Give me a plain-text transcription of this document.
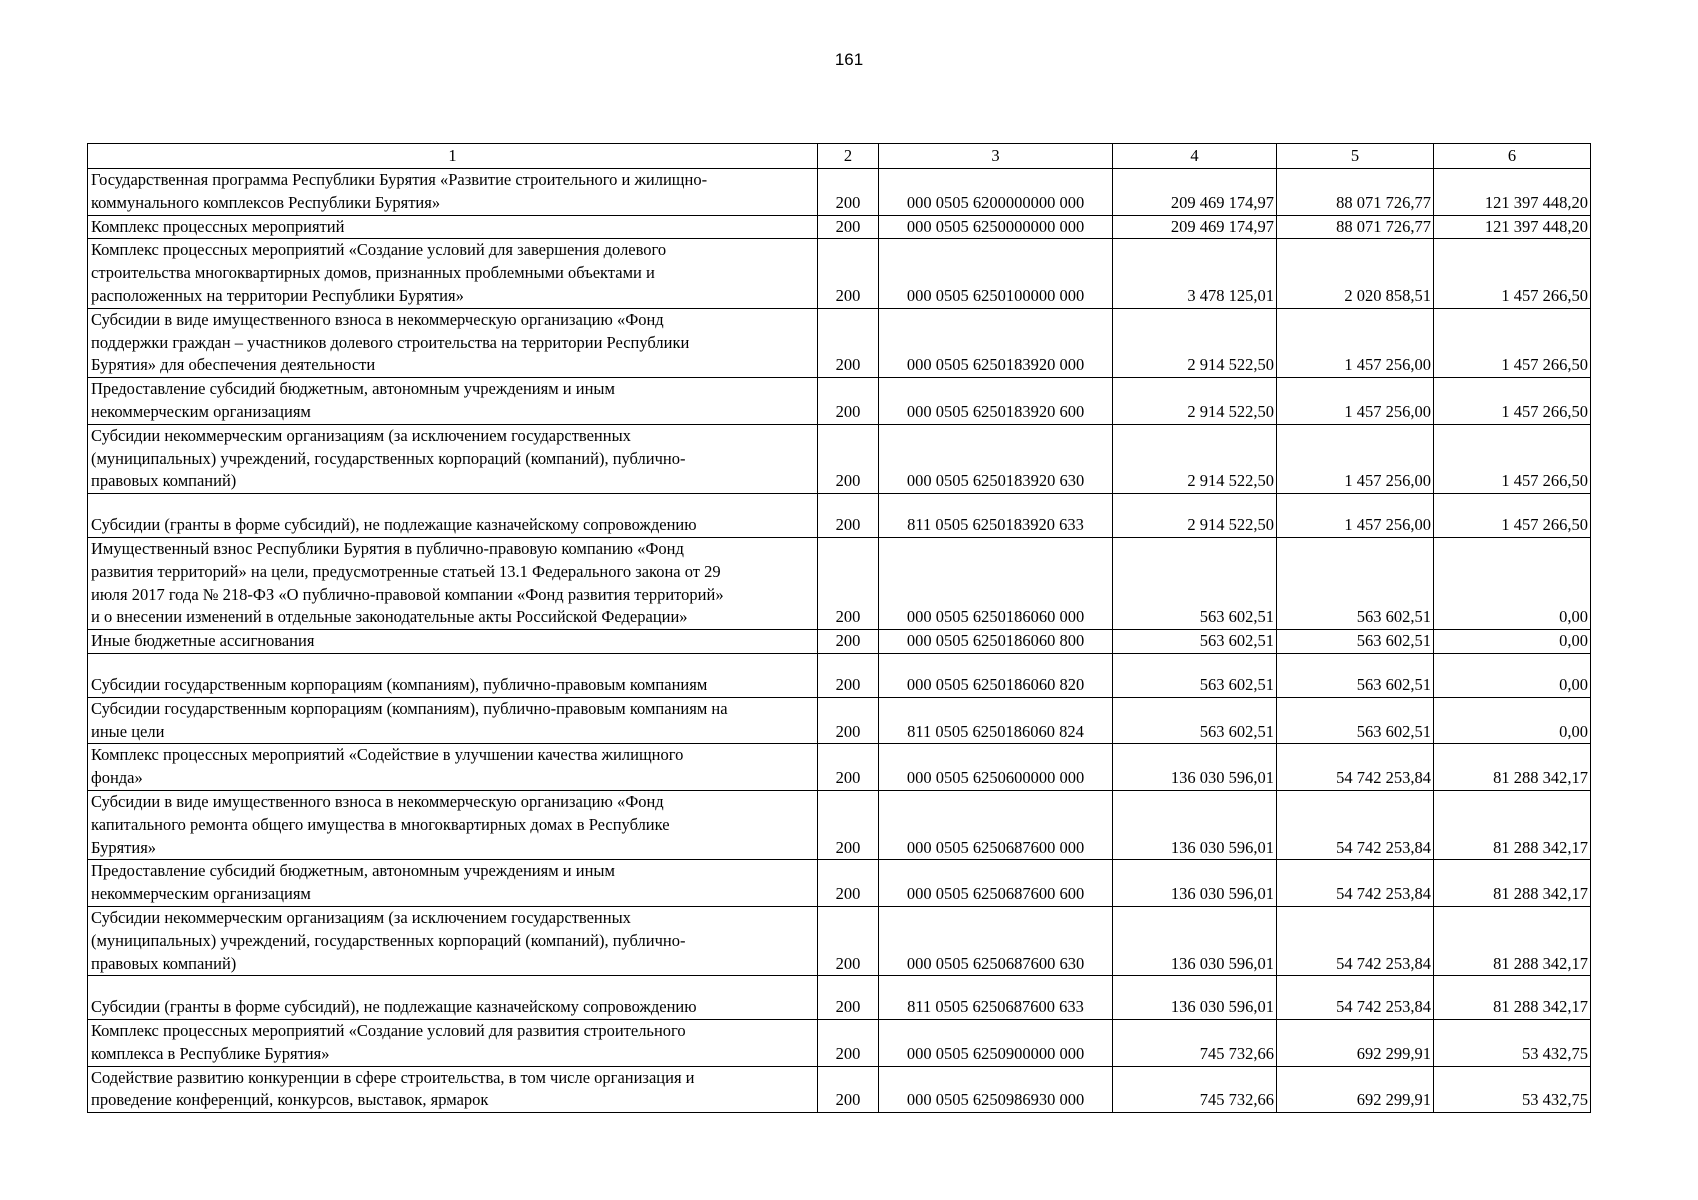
161
1	2	3	4	5	6

Государственная программа Республики Бурятия «Развитие строительного и жилищно-
коммунального комплексов Республики Бурятия»	200	000 0505 6200000000 000	209 469 174,97	88 071 726,77	121 397 448,20

Комплекс процессных мероприятий	200	000 0505 6250000000 000	209 469 174,97	88 071 726,77	121 397 448,20

Комплекс процессных мероприятий «Создание условий для завершения долевого
строительства многоквартирных домов, признанных проблемными объектами и
расположенных на территории Республики Бурятия»	200	000 0505 6250100000 000	3 478 125,01	2 020 858,51	1 457 266,50

Субсидии в виде имущественного взноса в некоммерческую организацию «Фонд
поддержки граждан – участников долевого строительства на территории Республики
Бурятия» для обеспечения деятельности	200	000 0505 6250183920 000	2 914 522,50	1 457 256,00	1 457 266,50

Предоставление субсидий бюджетным, автономным учреждениям и иным
некоммерческим организациям	200	000 0505 6250183920 600	2 914 522,50	1 457 256,00	1 457 266,50

Субсидии некоммерческим организациям (за исключением государственных
(муниципальных) учреждений, государственных корпораций (компаний), публично-
правовых компаний)	200	000 0505 6250183920 630	2 914 522,50	1 457 256,00	1 457 266,50

Субсидии (гранты в форме субсидий), не подлежащие казначейскому сопровождению	200	811 0505 6250183920 633	2 914 522,50	1 457 256,00	1 457 266,50

Имущественный взнос Республики Бурятия в публично-правовую компанию «Фонд
развития территорий» на цели, предусмотренные статьей 13.1 Федерального закона от 29
июля 2017 года № 218-ФЗ «О публично-правовой компании «Фонд развития территорий»
и о внесении изменений в отдельные законодательные акты Российской Федерации»	200	000 0505 6250186060 000	563 602,51	563 602,51	0,00

Иные бюджетные ассигнования	200	000 0505 6250186060 800	563 602,51	563 602,51	0,00

Субсидии государственным корпорациям (компаниям), публично-правовым компаниям	200	000 0505 6250186060 820	563 602,51	563 602,51	0,00

Субсидии государственным корпорациям (компаниям), публично-правовым компаниям на
иные цели	200	811 0505 6250186060 824	563 602,51	563 602,51	0,00

Комплекс процессных мероприятий «Содействие в улучшении качества жилищного
фонда»	200	000 0505 6250600000 000	136 030 596,01	54 742 253,84	81 288 342,17

Субсидии в виде имущественного взноса в некоммерческую организацию «Фонд
капитального ремонта общего имущества в многоквартирных домах в Республике
Бурятия»	200	000 0505 6250687600 000	136 030 596,01	54 742 253,84	81 288 342,17

Предоставление субсидий бюджетным, автономным учреждениям и иным
некоммерческим организациям	200	000 0505 6250687600 600	136 030 596,01	54 742 253,84	81 288 342,17

Субсидии некоммерческим организациям (за исключением государственных
(муниципальных) учреждений, государственных корпораций (компаний), публично-
правовых компаний)	200	000 0505 6250687600 630	136 030 596,01	54 742 253,84	81 288 342,17

Субсидии (гранты в форме субсидий), не подлежащие казначейскому сопровождению	200	811 0505 6250687600 633	136 030 596,01	54 742 253,84	81 288 342,17

Комплекс процессных мероприятий «Создание условий для развития строительного
комплекса в Республике Бурятия»	200	000 0505 6250900000 000	745 732,66	692 299,91	53 432,75

Содействие развитию конкуренции в сфере строительства, в том числе организация и
проведение конференций, конкурсов, выставок, ярмарок	200	000 0505 6250986930 000	745 732,66	692 299,91	53 432,75
